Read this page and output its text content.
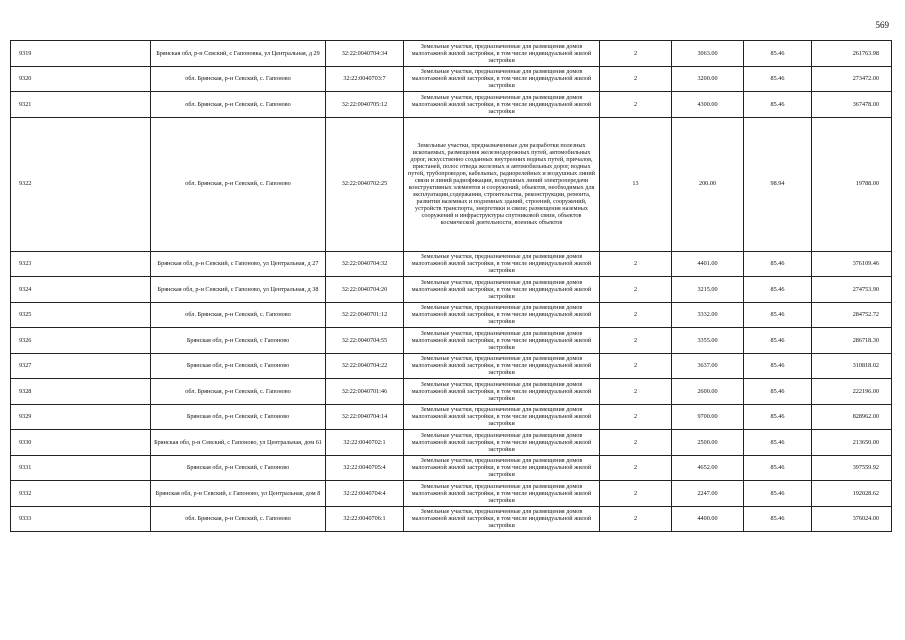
569
9319	Брянская обл, р-н Севский, с Гапоновка, ул Центральная, д 29	32:22:0040704:34	Земельные участки, предназначенные для размещения домов малоэтажной жилой застройки, в том числе индивидуальной жилой застройки	2	3063.00	85.46	261763.98
9320	обл. Брянская, р-н Севский, с. Гапоново	32:22:0040703:7	Земельные участки, предназначенные для размещения домов малоэтажной жилой застройки, в том числе индивидуальной жилой застройки	2	3200.00	85.46	273472.00
9321	обл. Брянская, р-н Севский, с. Гапоново	32:22:0040705:12	Земельные участки, предназначенные для размещения домов малоэтажной жилой застройки, в том числе индивидуальной жилой застройки	2	4300.00	85.46	367478.00
9322	обл. Брянская, р-н Севский, с. Гапоново	32:22:0040702:25	Земельные участки, предназначенные для разработки полезных ископаемых, размещения железнодорожных путей, автомобильных дорог, искусственно созданных внутренних водных путей, причалов, пристаней, полос отвода железных и автомобильных дорог, водных путей, трубопроводов, кабельных, радиорелейных и воздушных линий связи и линий радиофикации, воздушных линий электропередачи конструктивных элементов и сооружений, объектов, необходимых для эксплуатации,содержания, строительства, реконструкции, ремонта, развития наземных и подземных зданий, строений, сооружений, устройств транспорта, энергетики и связи; размещения наземных сооружений и инфраструктуры спутниковой связи, объектов космической деятельности, военных объектов	13	200.00	98.94	19788.00
9323	Брянская обл, р-н Севский, с Гапоново, ул Центральная, д 27	32:22:0040704:32	Земельные участки, предназначенные для размещения домов малоэтажной жилой застройки, в том числе индивидуальной жилой застройки	2	4401.00	85.46	376109.46
9324	Брянская обл, р-н Севский, с Гапоново, ул Центральная, д 38	32:22:0040704:20	Земельные участки, предназначенные для размещения домов малоэтажной жилой застройки, в том числе индивидуальной жилой застройки	2	3215.00	85.46	274753.90
9325	обл. Брянская, р-н Севский, с. Гапоново	32:22:0040701:12	Земельные участки, предназначенные для размещения домов малоэтажной жилой застройки, в том числе индивидуальной жилой застройки	2	3332.00	85.46	284752.72
9326	Брянская обл, р-н Севский, с Гапоново	32:22:0040704:55	Земельные участки, предназначенные для размещения домов малоэтажной жилой застройки, в том числе индивидуальной жилой застройки	2	3355.00	85.46	286718.30
9327	Брянская обл, р-н Севский, с Гапоново	32:22:0040704:22	Земельные участки, предназначенные для размещения домов малоэтажной жилой застройки, в том числе индивидуальной жилой застройки	2	3637.00	85.46	310818.02
9328	обл. Брянская, р-н Севский, с. Гапоново	32:22:0040701:46	Земельные участки, предназначенные для размещения домов малоэтажной жилой застройки, в том числе индивидуальной жилой застройки	2	2600.00	85.46	222196.00
9329	Брянская обл, р-н Севский, с Гапоново	32:22:0040704:14	Земельные участки, предназначенные для размещения домов малоэтажной жилой застройки, в том числе индивидуальной жилой застройки	2	9700.00	85.46	828962.00
9330	Брянская обл, р-н Севский, с Гапоново, ул Центральная, дом 61	32:22:0040702:1	Земельные участки, предназначенные для размещения домов малоэтажной жилой застройки, в том числе индивидуальной жилой застройки	2	2500.00	85.46	213650.00
9331	Брянская обл, р-н Севский, с Гапоново	32:22:0040705:4	Земельные участки, предназначенные для размещения домов малоэтажной жилой застройки, в том числе индивидуальной жилой застройки	2	4652.00	85.46	397559.92
9332	Брянская обл, р-н Севский, с Гапоново, ул Центральная, дом 8	32:22:0040704:4	Земельные участки, предназначенные для размещения домов малоэтажной жилой застройки, в том числе индивидуальной жилой застройки	2	2247.00	85.46	192028.62
9333	обл. Брянская, р-н Севский, с. Гапоново	32:22:0040706:1	Земельные участки, предназначенные для размещения домов малоэтажной жилой застройки, в том числе индивидуальной жилой застройки	2	4400.00	85.46	376024.00
